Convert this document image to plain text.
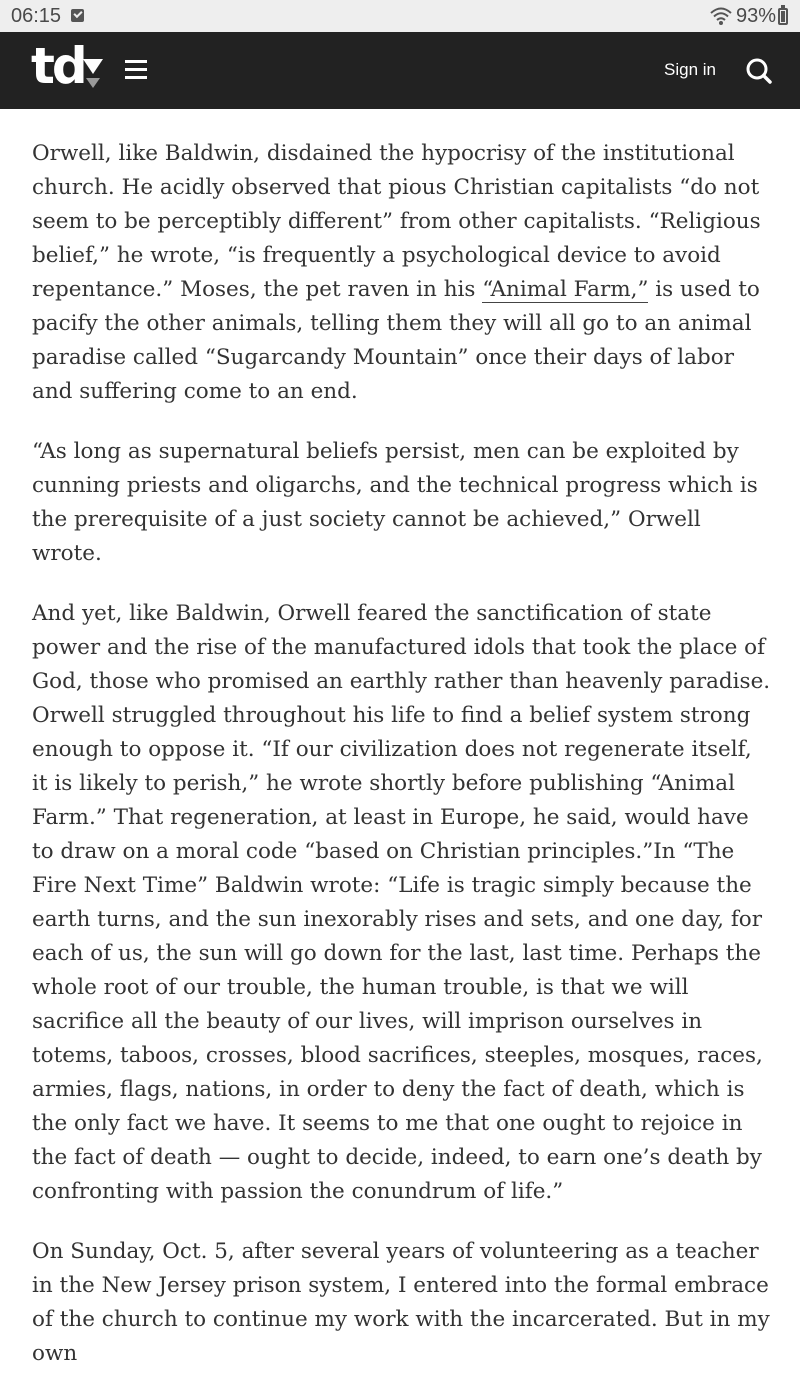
06:15	93%
td	Sign in

Orwell, like Baldwin, disdained the hypocrisy of the institutional church. He acidly observed that pious Christian capitalists “do not seem to be perceptibly different” from other capitalists. “Religious belief,” he wrote, “is frequently a psychological device to avoid repentance.” Moses, the pet raven in his “Animal Farm,” is used to pacify the other animals, telling them they will all go to an animal paradise called “Sugarcandy Mountain” once their days of labor and suffering come to an end.

“As long as supernatural beliefs persist, men can be exploited by cunning priests and oligarchs, and the technical progress which is the prerequisite of a just society cannot be achieved,” Orwell wrote.

And yet, like Baldwin, Orwell feared the sanctification of state power and the rise of the manufactured idols that took the place of God, those who promised an earthly rather than heavenly paradise. Orwell struggled throughout his life to find a belief system strong enough to oppose it. “If our civilization does not regenerate itself, it is likely to perish,” he wrote shortly before publishing “Animal Farm.” That regeneration, at least in Europe, he said, would have to draw on a moral code “based on Christian principles.”In “The Fire Next Time” Baldwin wrote: “Life is tragic simply because the earth turns, and the sun inexorably rises and sets, and one day, for each of us, the sun will go down for the last, last time. Perhaps the whole root of our trouble, the human trouble, is that we will sacrifice all the beauty of our lives, will imprison ourselves in totems, taboos, crosses, blood sacrifices, steeples, mosques, races, armies, flags, nations, in order to deny the fact of death, which is the only fact we have. It seems to me that one ought to rejoice in the fact of death — ought to decide, indeed, to earn one’s death by confronting with passion the conundrum of life.”

On Sunday, Oct. 5, after several years of volunteering as a teacher in the New Jersey prison system, I entered into the formal embrace of the church to continue my work with the incarcerated. But in my own
